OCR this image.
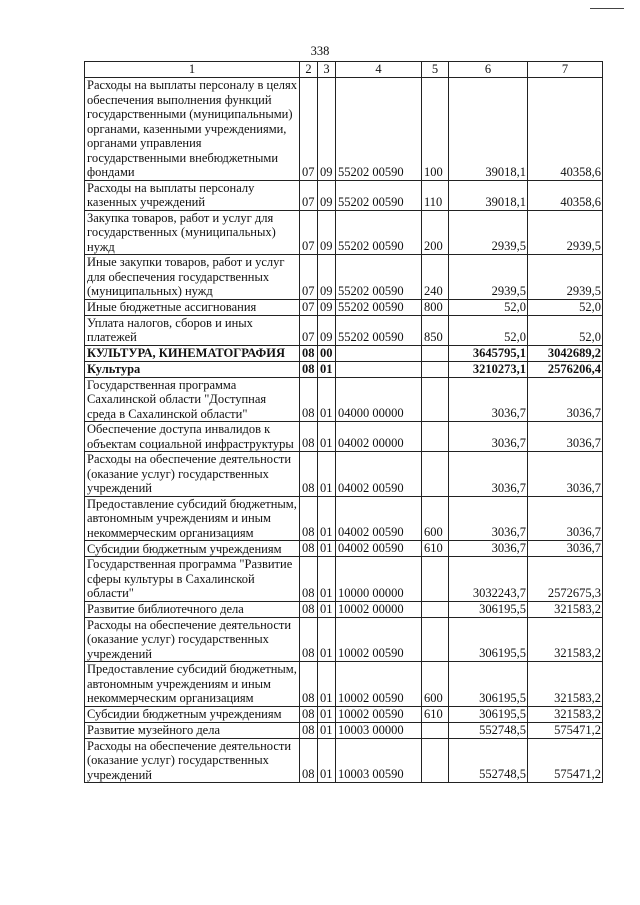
338
1	2	3	4	5	6	7
Расходы на выплаты персоналу в целях обеспечения выполнения функций государственными (муниципальными) органами, казенными учреждениями, органами управления государственными внебюджетными фондами	07	09	55202 00590	100	39018,1	40358,6
Расходы на выплаты персоналу казенных учреждений	07	09	55202 00590	110	39018,1	40358,6
Закупка товаров, работ и услуг для государственных (муниципальных) нужд	07	09	55202 00590	200	2939,5	2939,5
Иные закупки товаров, работ и услуг для обеспечения государственных (муниципальных) нужд	07	09	55202 00590	240	2939,5	2939,5
Иные бюджетные ассигнования	07	09	55202 00590	800	52,0	52,0
Уплата налогов, сборов и иных платежей	07	09	55202 00590	850	52,0	52,0
КУЛЬТУРА, КИНЕМАТОГРАФИЯ	08	00			3645795,1	3042689,2
Культура	08	01			3210273,1	2576206,4
Государственная программа Сахалинской области "Доступная среда в Сахалинской области"	08	01	04000 00000		3036,7	3036,7
Обеспечение доступа инвалидов к объектам социальной инфраструктуры	08	01	04002 00000		3036,7	3036,7
Расходы на обеспечение деятельности (оказание услуг) государственных учреждений	08	01	04002 00590		3036,7	3036,7
Предоставление субсидий бюджетным, автономным учреждениям и иным некоммерческим организациям	08	01	04002 00590	600	3036,7	3036,7
Субсидии бюджетным учреждениям	08	01	04002 00590	610	3036,7	3036,7
Государственная программа "Развитие сферы культуры в Сахалинской области"	08	01	10000 00000		3032243,7	2572675,3
Развитие библиотечного дела	08	01	10002 00000		306195,5	321583,2
Расходы на обеспечение деятельности (оказание услуг) государственных учреждений	08	01	10002 00590		306195,5	321583,2
Предоставление субсидий бюджетным, автономным учреждениям и иным некоммерческим организациям	08	01	10002 00590	600	306195,5	321583,2
Субсидии бюджетным учреждениям	08	01	10002 00590	610	306195,5	321583,2
Развитие музейного дела	08	01	10003 00000		552748,5	575471,2
Расходы на обеспечение деятельности (оказание услуг) государственных учреждений	08	01	10003 00590		552748,5	575471,2
